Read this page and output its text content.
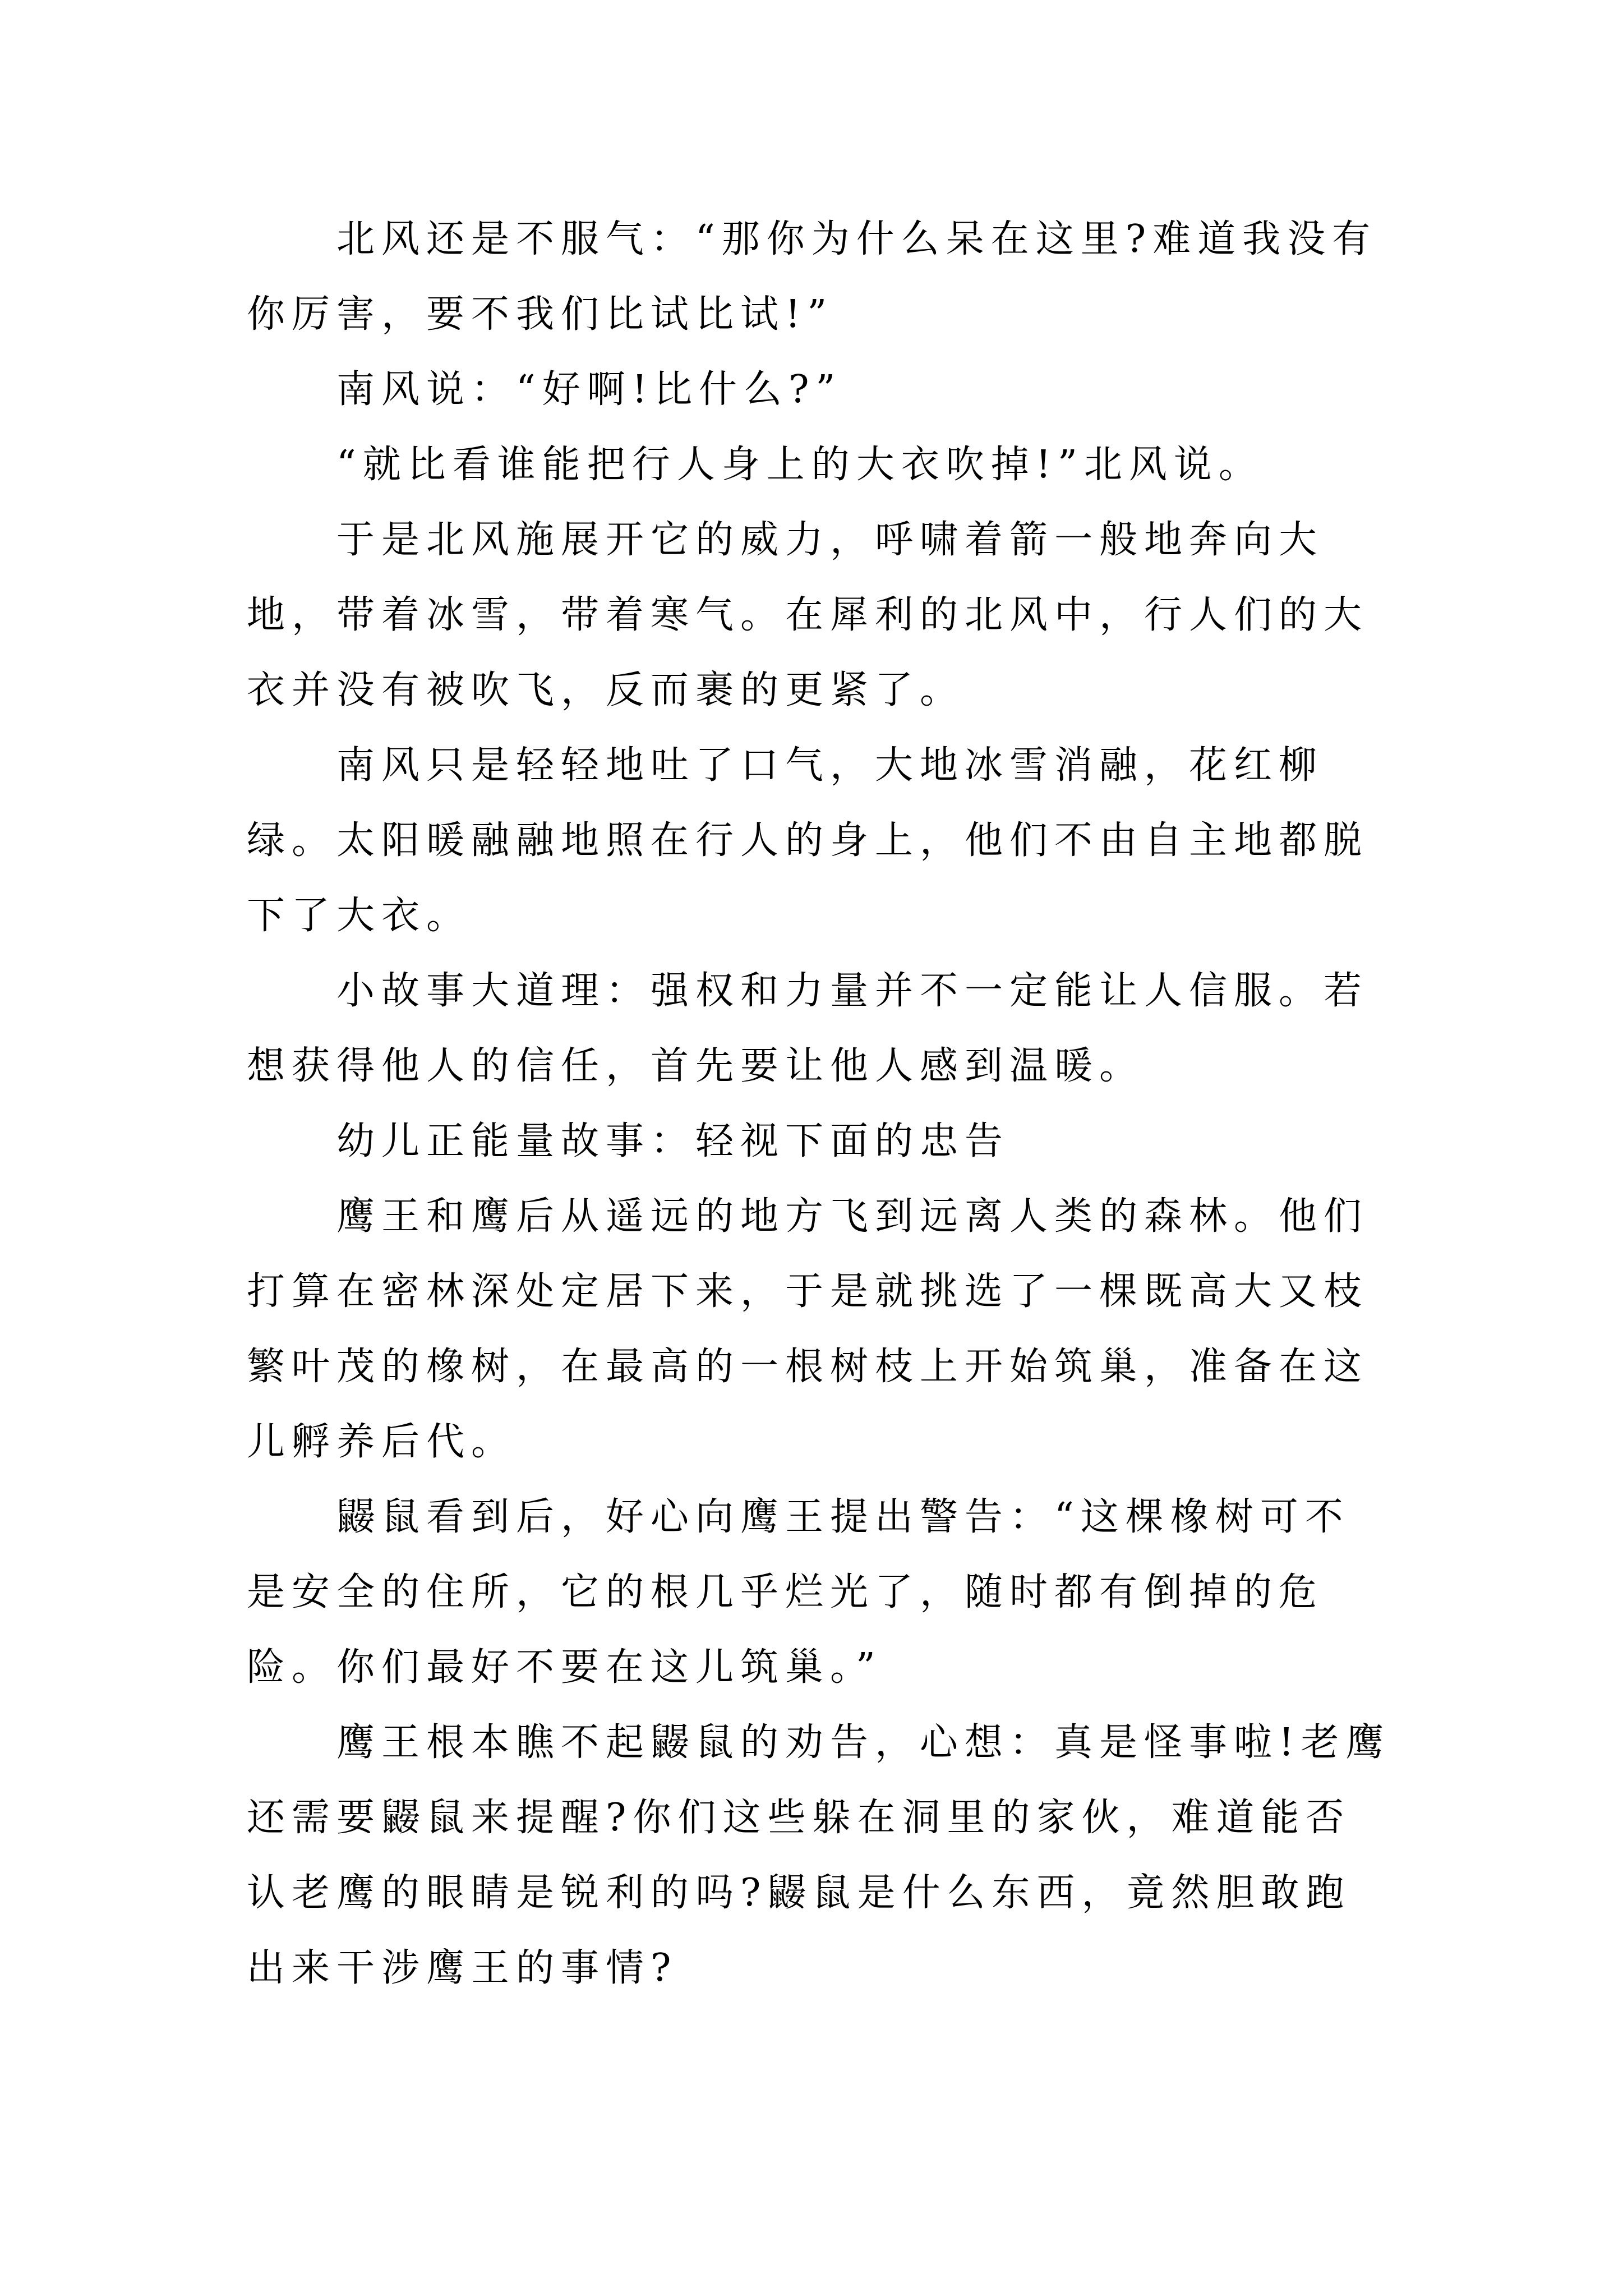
北风还是不服气：“那你为什么呆在这里?难道我没有你厉害，要不我们比试比试!”

南风说：“好啊!比什么?”

“就比看谁能把行人身上的大衣吹掉!”北风说。

于是北风施展开它的威力，呼啸着箭一般地奔向大地，带着冰雪，带着寒气。在犀利的北风中，行人们的大衣并没有被吹飞，反而裹的更紧了。

南风只是轻轻地吐了口气，大地冰雪消融，花红柳绿。太阳暖融融地照在行人的身上，他们不由自主地都脱下了大衣。

小故事大道理：强权和力量并不一定能让人信服。若想获得他人的信任，首先要让他人感到温暖。

幼儿正能量故事：轻视下面的忠告

鹰王和鹰后从遥远的地方飞到远离人类的森林。他们打算在密林深处定居下来，于是就挑选了一棵既高大又枝繁叶茂的橡树，在最高的一根树枝上开始筑巢，准备在这儿孵养后代。

鼹鼠看到后，好心向鹰王提出警告：“这棵橡树可不是安全的住所，它的根几乎烂光了，随时都有倒掉的危险。你们最好不要在这儿筑巢。”

鹰王根本瞧不起鼹鼠的劝告，心想：真是怪事啦!老鹰还需要鼹鼠来提醒?你们这些躲在洞里的家伙，难道能否认老鹰的眼睛是锐利的吗?鼹鼠是什么东西，竟然胆敢跑出来干涉鹰王的事情?
